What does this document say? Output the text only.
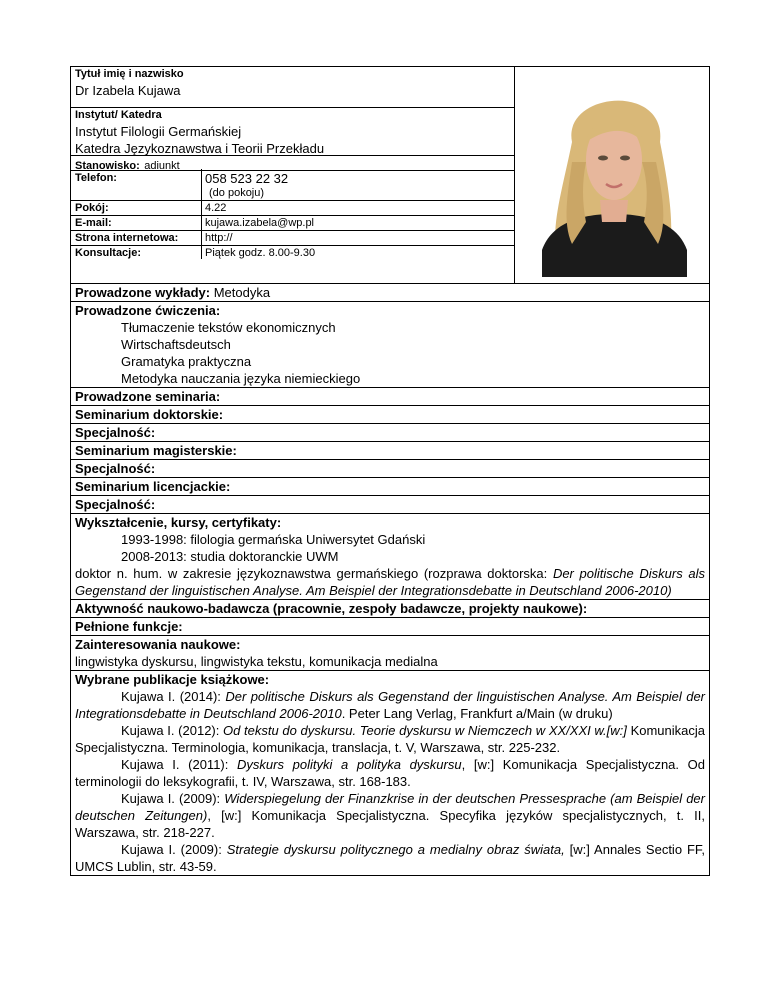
Tytuł imię i nazwisko
Dr Izabela Kujawa
Instytut/ Katedra
Instytut Filologii Germańskiej
Katedra Językoznawstwa i Teorii Przekładu
Stanowisko: adiunkt
Telefon:	058 523 22 32
(do pokoju)
Pokój:	4.22
E-mail:	kujawa.izabela@wp.pl
Strona internetowa: http://
Konsultacje:	Piątek godz. 8.00-9.30
Prowadzone wykłady: Metodyka
Prowadzone ćwiczenia:
Tłumaczenie tekstów ekonomicznych
Wirtschaftsdeutsch
Gramatyka praktyczna
Metodyka nauczania języka niemieckiego
Prowadzone seminaria:
Seminarium doktorskie:
Specjalność:
Seminarium magisterskie:
Specjalność:
Seminarium licencjackie:
Specjalność:
Wykształcenie, kursy, certyfikaty:
1993-1998: filologia germańska Uniwersytet Gdański
2008-2013: studia doktoranckie UWM
doktor n. hum. w zakresie językoznawstwa germańskiego (rozprawa doktorska: Der politische Diskurs als Gegenstand der linguistischen Analyse. Am Beispiel der Integrationsdebatte in Deutschland 2006-2010)
Aktywność naukowo-badawcza (pracownie, zespoły badawcze, projekty naukowe):
Pełnione funkcje:
Zainteresowania naukowe:
lingwistyka dyskursu, lingwistyka tekstu, komunikacja medialna
Wybrane publikacje książkowe:
Kujawa I. (2014): Der politische Diskurs als Gegenstand der linguistischen Analyse. Am Beispiel der Integrationsdebatte in Deutschland 2006-2010. Peter Lang Verlag, Frankfurt a/Main (w druku)
Kujawa I. (2012): Od tekstu do dyskursu. Teorie dyskursu w Niemczech w XX/XXI w.[w:] Komunikacja Specjalistyczna. Terminologia, komunikacja, translacja, t. V, Warszawa, str. 225-232.
Kujawa I. (2011): Dyskurs polityki a polityka dyskursu, [w:] Komunikacja Specjalistyczna. Od terminologii do leksykografii, t. IV, Warszawa, str. 168-183.
Kujawa I. (2009): Widerspiegelung der Finanzkrise in der deutschen Pressesprache (am Beispiel der deutschen Zeitungen), [w:] Komunikacja Specjalistyczna. Specyfika języków specjalistycznych, t. II, Warszawa, str. 218-227.
Kujawa I. (2009): Strategie dyskursu politycznego a medialny obraz świata, [w:] Annales Sectio FF, UMCS Lublin, str. 43-59.
